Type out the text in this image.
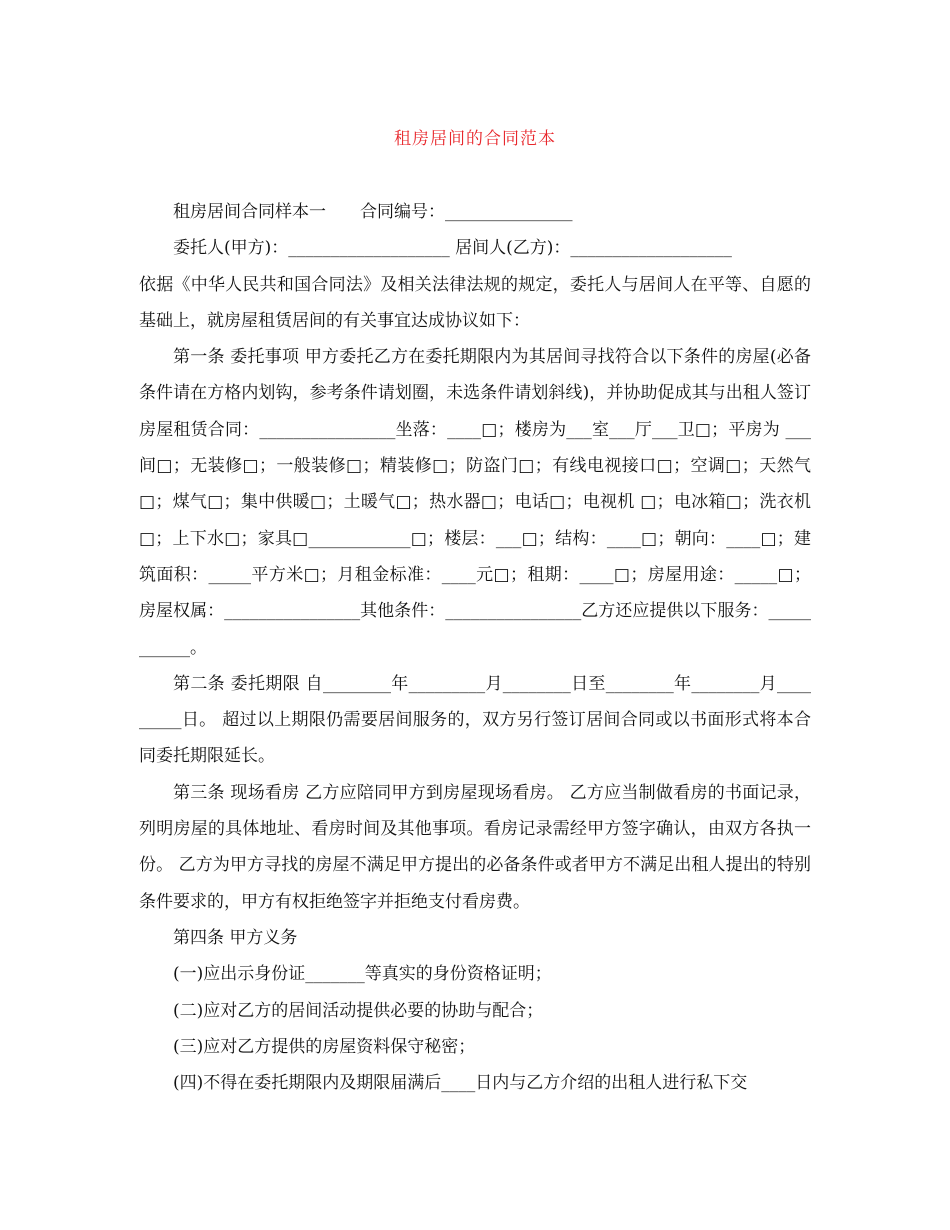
租房居间的合同范本

租房居间合同样本一　　合同编号：_______________

委托人(甲方)：___________________ 居间人(乙方)：___________________

依据《中华人民共和国合同法》及相关法律法规的规定，委托人与居间人在平等、自愿的基础上，就房屋租赁居间的有关事宜达成协议如下：

第一条 委托事项 甲方委托乙方在委托期限内为其居间寻找符合以下条件的房屋(必备条件请在方格内划钩，参考条件请划圈，未选条件请划斜线)，并协助促成其与出租人签订房屋租赁合同：________________坐落：____□；楼房为___室___厅___卫□；平房为 ___间□；无装修□；一般装修□；精装修□；防盗门□；有线电视接口□；空调□；天然气□；煤气□；集中供暖□；土暖气□；热水器□；电话□；电视机 □；电冰箱□；洗衣机□；上下水□；家具□____________□；楼层：___□；结构：____□；朝向：____□；建筑面积：_____平方米□；月租金标准：____元□；租期：____□；房屋用途：_____□；房屋权属：________________其他条件：________________乙方还应提供以下服务：___________。

第二条 委托期限 自________年_________月________日至________年________月_________日。 超过以上期限仍需要居间服务的，双方另行签订居间合同或以书面形式将本合同委托期限延长。

第三条 现场看房 乙方应陪同甲方到房屋现场看房。 乙方应当制做看房的书面记录，列明房屋的具体地址、看房时间及其他事项。看房记录需经甲方签字确认，由双方各执一份。 乙方为甲方寻找的房屋不满足甲方提出的必备条件或者甲方不满足出租人提出的特别条件要求的，甲方有权拒绝签字并拒绝支付看房费。

第四条 甲方义务

(一)应出示身份证_______等真实的身份资格证明；

(二)应对乙方的居间活动提供必要的协助与配合；

(三)应对乙方提供的房屋资料保守秘密；

(四)不得在委托期限内及期限届满后____日内与乙方介绍的出租人进行私下交
